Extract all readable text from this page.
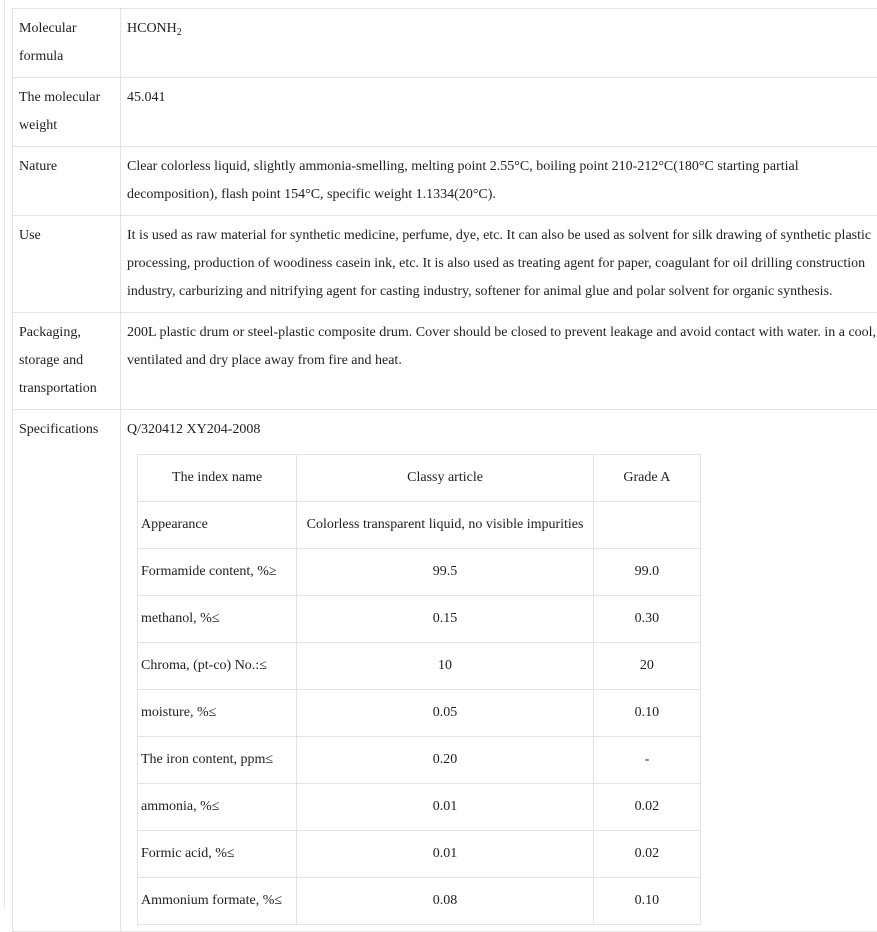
Molecular formula	$HCONH_2$
The molecular weight	45.041
Nature	Clear colorless liquid, slightly ammonia-smelling, melting point 2.55°C, boiling point 210-212°C(180°C starting partial decomposition), flash point 154°C, specific weight 1.1334(20°C).
Use	It is used as raw material for synthetic medicine, perfume, dye, etc. It can also be used as solvent for silk drawing of synthetic plastic processing, production of woodiness casein ink, etc. It is also used as treating agent for paper, coagulant for oil drilling construction industry, carburizing and nitrifying agent for casting industry, softener for animal glue and polar solvent for organic synthesis.
Packaging, storage and transportation	200L plastic drum or steel-plastic composite drum. Cover should be closed to prevent leakage and avoid contact with water. in a cool, ventilated and dry place away from fire and heat.
Specifications	Q/320412 XY204-2008
The index name	Classy article	Grade A
Appearance	Colorless transparent liquid, no visible impurities	
Formamide content, %≥	99.5	99.0
methanol, %≤	0.15	0.30
Chroma, (pt-co) No.:≤	10	20
moisture, %≤	0.05	0.10
The iron content, ppm≤	0.20	-
ammonia, %≤	0.01	0.02
Formic acid, %≤	0.01	0.02
Ammonium formate, %≤	0.08	0.10
